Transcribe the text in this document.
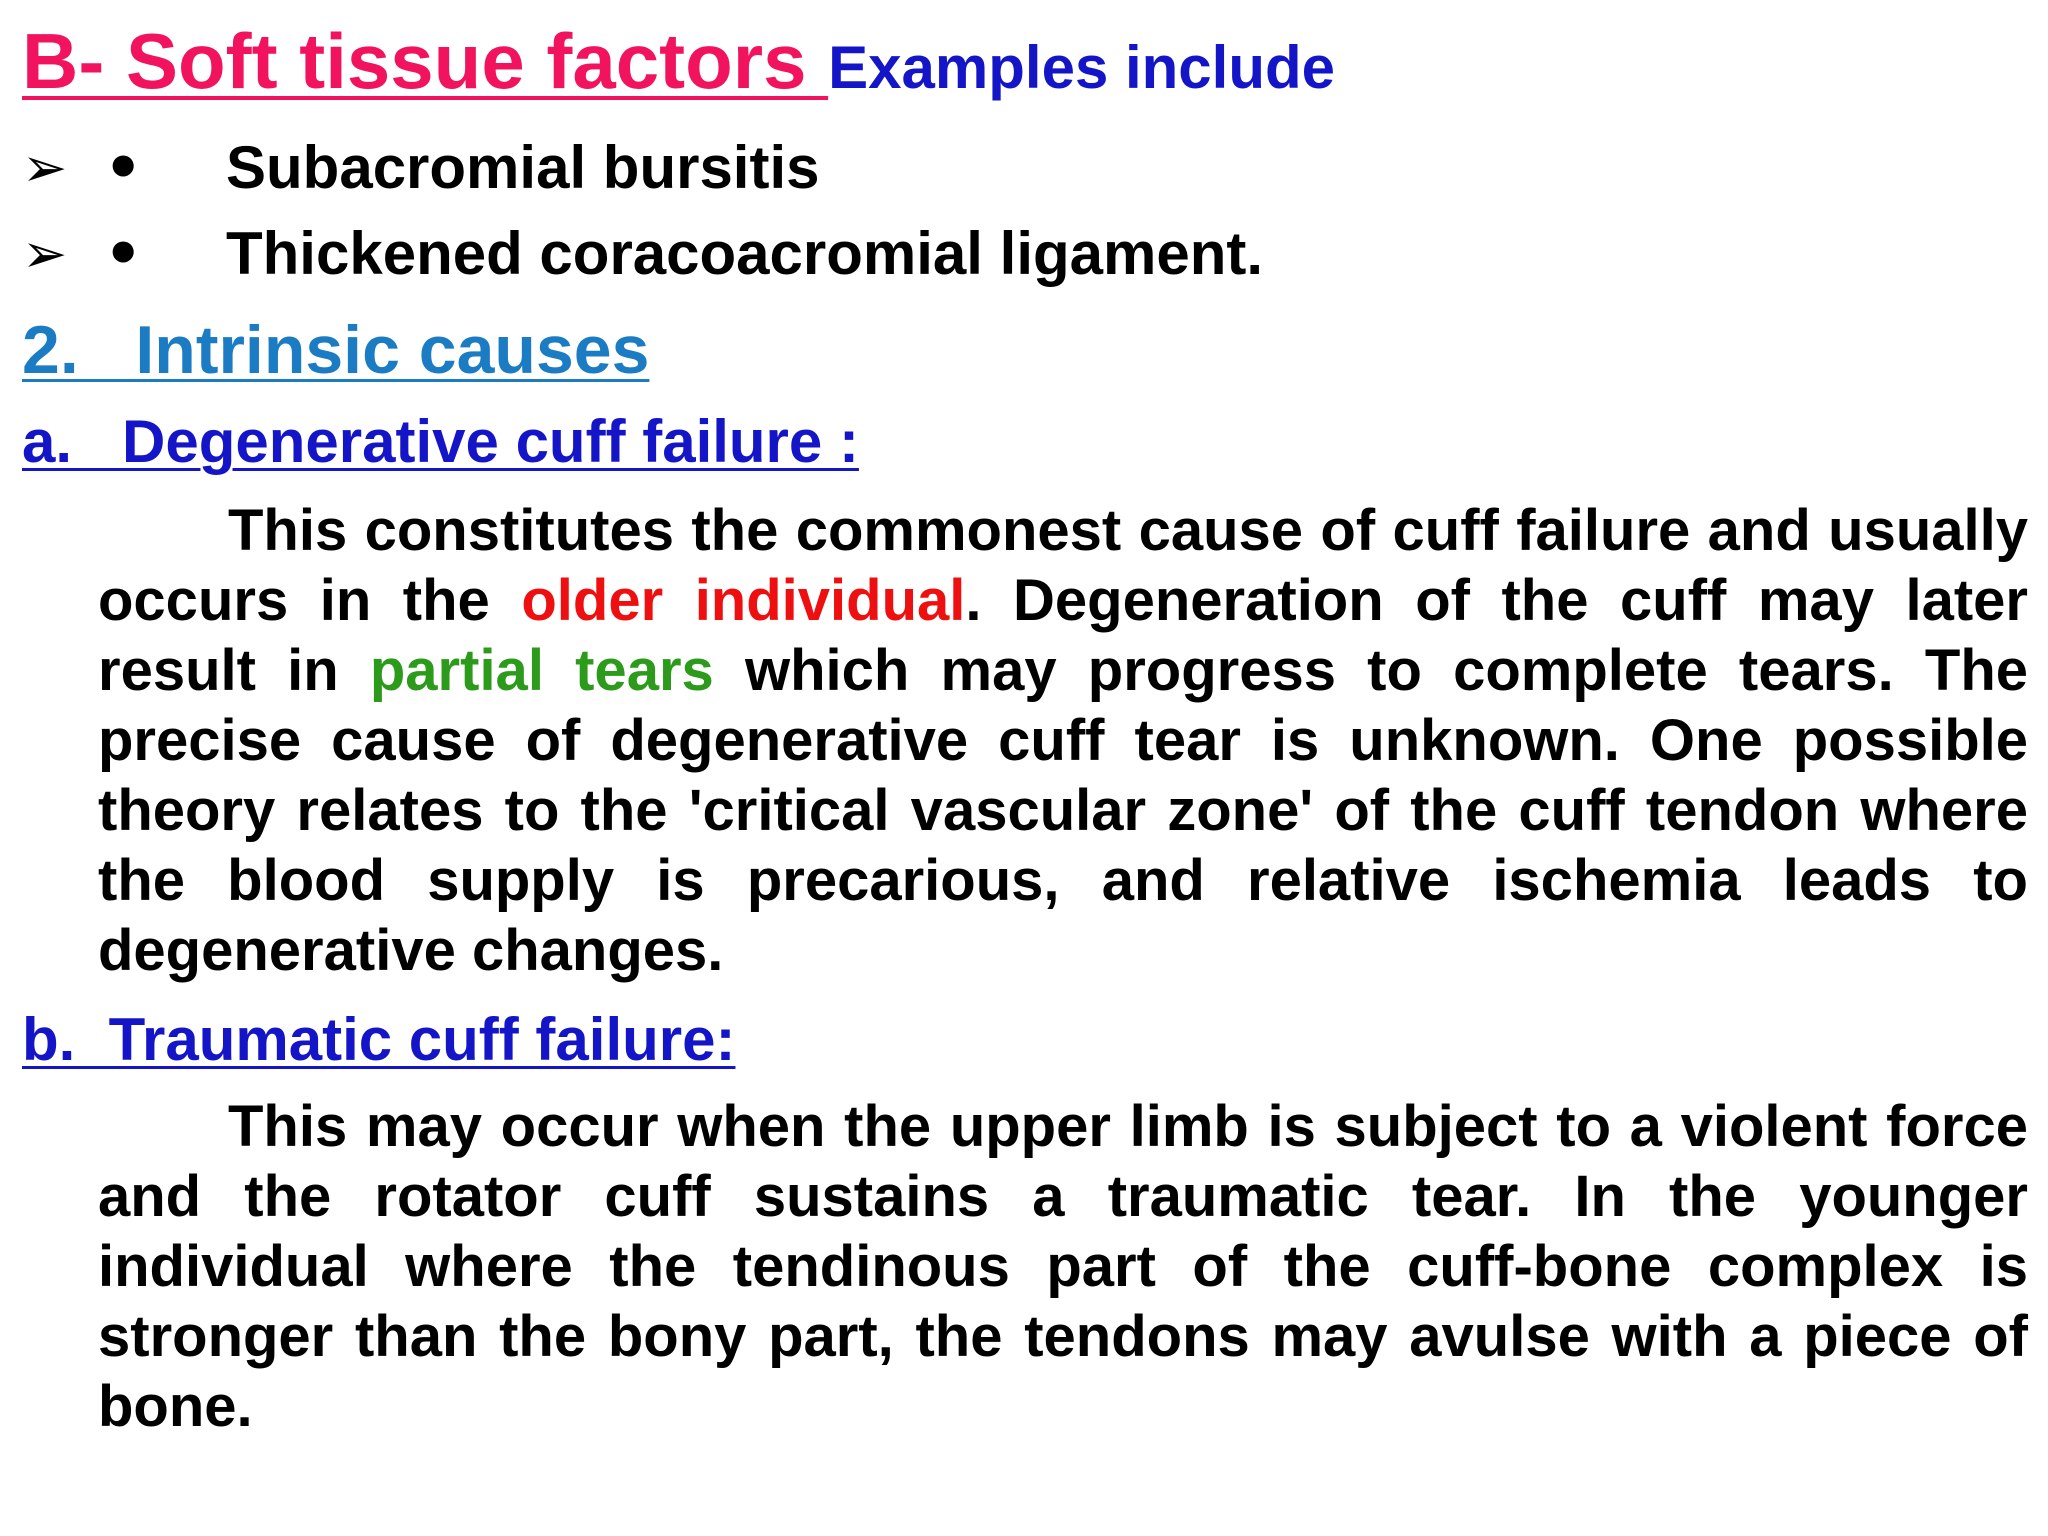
B- Soft tissue factors Examples include
➢ • Subacromial bursitis
➢ • Thickened coracoacromial ligament.
2.   Intrinsic causes
a.   Degenerative cuff failure :

This constitutes the commonest cause of cuff failure and usually occurs in the older individual. Degeneration of the cuff may later result in partial tears which may progress to complete tears. The precise cause of degenerative cuff tear is unknown. One possible theory relates to the 'critical vascular zone' of the cuff tendon where the blood supply is precarious, and relative ischemia leads to degenerative changes.

b.  Traumatic cuff failure:

This may occur when the upper limb is subject to a violent force and the rotator cuff sustains a traumatic tear. In the younger individual where the tendinous part of the cuff-bone complex is stronger than the bony part, the tendons may avulse with a piece of bone.
